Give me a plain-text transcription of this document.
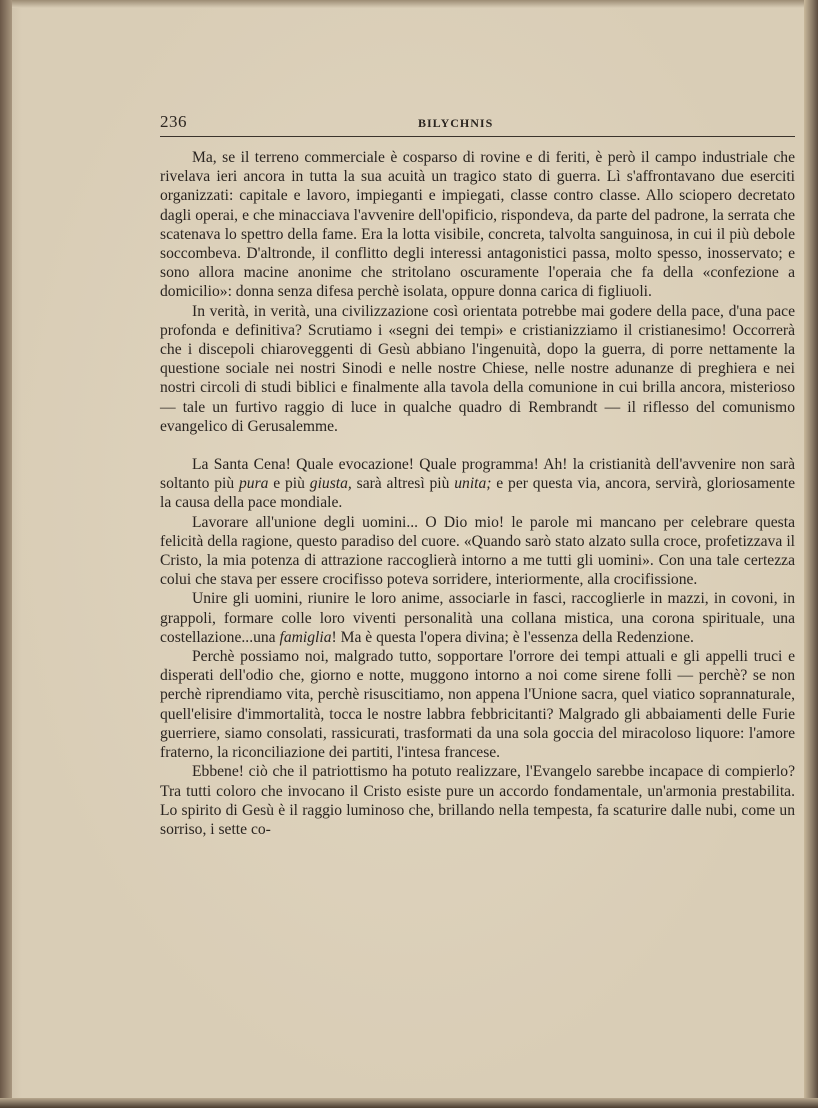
236	BILYCHNIS

Ma, se il terreno commerciale è cosparso di rovine e di feriti, è però il campo industriale che rivelava ieri ancora in tutta la sua acuità un tragico stato di guerra. Lì s'affrontavano due eserciti organizzati: capitale e lavoro, impieganti e impiegati, classe contro classe. Allo sciopero decretato dagli operai, e che minacciava l'avvenire dell'opificio, rispondeva, da parte del padrone, la serrata che scatenava lo spettro della fame. Era la lotta visibile, concreta, talvolta sanguinosa, in cui il più debole soccombeva. D'altronde, il conflitto degli interessi antagonistici passa, molto spesso, inosservato; e sono allora macine anonime che stritolano oscuramente l'operaia che fa della «confezione a domicilio»: donna senza difesa perchè isolata, oppure donna carica di figliuoli.

In verità, in verità, una civilizzazione così orientata potrebbe mai godere della pace, d'una pace profonda e definitiva? Scrutiamo i «segni dei tempi» e cristianizziamo il cristianesimo! Occorrerà che i discepoli chiaroveggenti di Gesù abbiano l'ingenuità, dopo la guerra, di porre nettamente la questione sociale nei nostri Sinodi e nelle nostre Chiese, nelle nostre adunanze di preghiera e nei nostri circoli di studi biblici e finalmente alla tavola della comunione in cui brilla ancora, misterioso — tale un furtivo raggio di luce in qualche quadro di Rembrandt — il riflesso del comunismo evangelico di Gerusalemme.

La Santa Cena! Quale evocazione! Quale programma! Ah! la cristianità dell'avvenire non sarà soltanto più pura e più giusta, sarà altresì più unita; e per questa via, ancora, servirà, gloriosamente la causa della pace mondiale.

Lavorare all'unione degli uomini... O Dio mio! le parole mi mancano per celebrare questa felicità della ragione, questo paradiso del cuore. «Quando sarò stato alzato sulla croce, profetizzava il Cristo, la mia potenza di attrazione raccoglierà intorno a me tutti gli uomini». Con una tale certezza colui che stava per essere crocifisso poteva sorridere, interiormente, alla crocifissione.

Unire gli uomini, riunire le loro anime, associarle in fasci, raccoglierle in mazzi, in covoni, in grappoli, formare colle loro viventi personalità una collana mistica, una corona spirituale, una costellazione...una famiglia! Ma è questa l'opera divina; è l'essenza della Redenzione.

Perchè possiamo noi, malgrado tutto, sopportare l'orrore dei tempi attuali e gli appelli truci e disperati dell'odio che, giorno e notte, muggono intorno a noi come sirene folli — perchè? se non perchè riprendiamo vita, perchè risuscitiamo, non appena l'Unione sacra, quel viatico soprannaturale, quell'elisire d'immortalità, tocca le nostre labbra febbricitanti? Malgrado gli abbaiamenti delle Furie guerriere, siamo consolati, rassicurati, trasformati da una sola goccia del miracoloso liquore: l'amore fraterno, la riconciliazione dei partiti, l'intesa francese.

Ebbene! ciò che il patriottismo ha potuto realizzare, l'Evangelo sarebbe incapace di compierlo? Tra tutti coloro che invocano il Cristo esiste pure un accordo fondamentale, un'armonia prestabilita. Lo spirito di Gesù è il raggio luminoso che, brillando nella tempesta, fa scaturire dalle nubi, come un sorriso, i sette co-
